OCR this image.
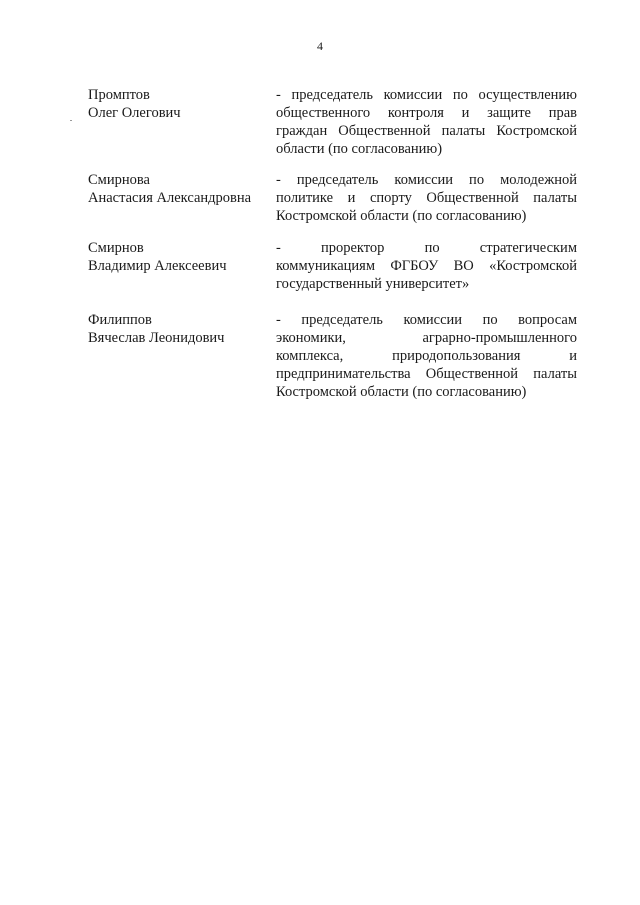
4
Промптов
Олег Олегович
- председатель комиссии по осуществлению
общественного контроля и защите прав
граждан Общественной палаты Костромской
области (по согласованию)
Смирнова
Анастасия Александровна
- председатель комиссии по молодежной
политике и спорту Общественной палаты
Костромской области (по согласованию)
Смирнов
Владимир Алексеевич
- проректор по стратегическим
коммуникациям ФГБОУ ВО «Костромской
государственный университет»
Филиппов
Вячеслав Леонидович
- председатель комиссии по вопросам
экономики, аграрно-промышленного
комплекса, природопользования и
предпринимательства Общественной палаты
Костромской области (по согласованию)
